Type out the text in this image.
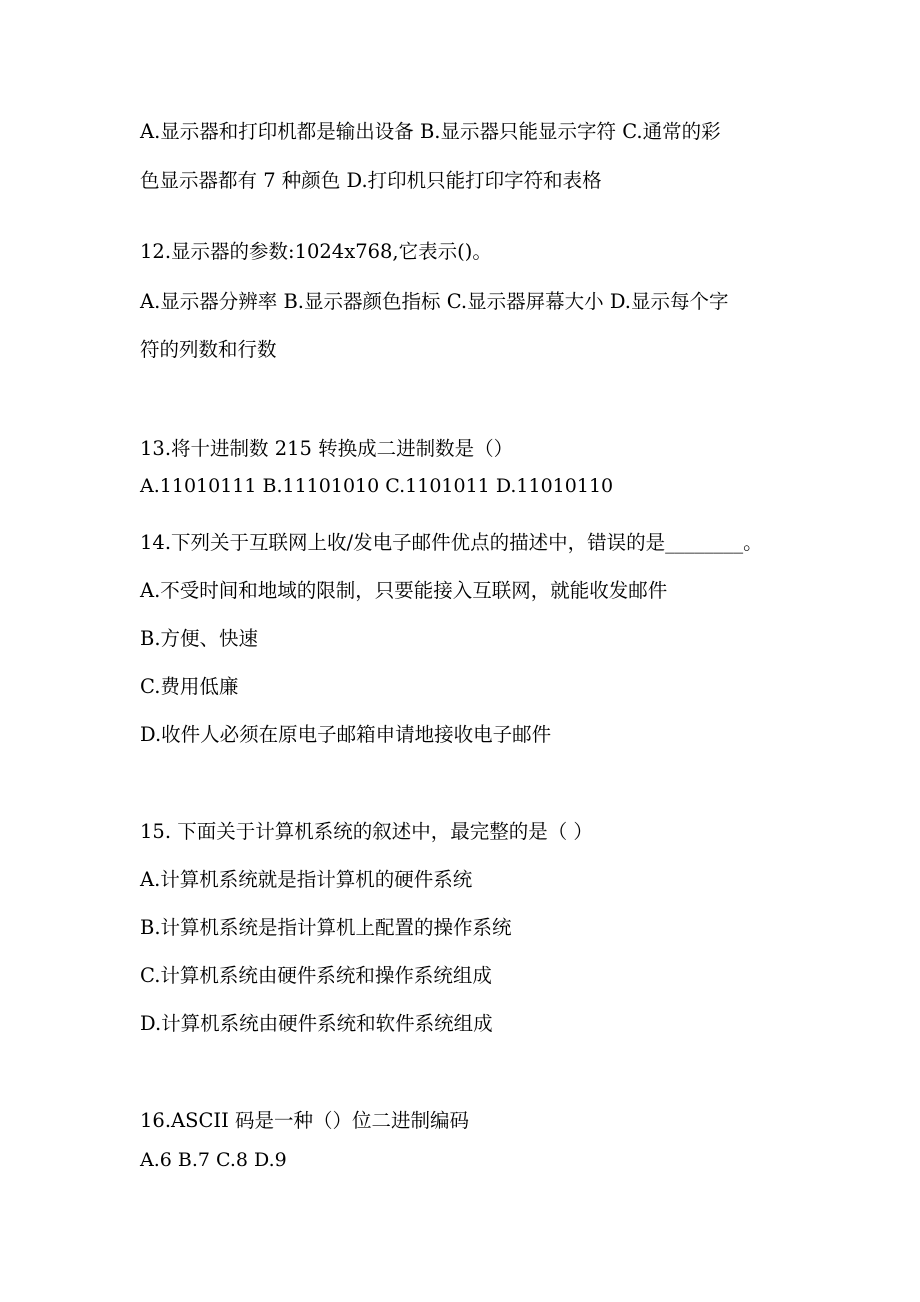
A.显示器和打印机都是输出设备 B.显示器只能显示字符 C.通常的彩
色显示器都有 7 种颜色 D.打印机只能打印字符和表格
12.显示器的参数:1024x768,它表示()。
A.显示器分辨率 B.显示器颜色指标 C.显示器屏幕大小 D.显示每个字
符的列数和行数
13.将十进制数 215 转换成二进制数是（）
A.11010111 B.11101010 C.1101011 D.11010110
14.下列关于互联网上收/发电子邮件优点的描述中，错误的是________。
A.不受时间和地域的限制，只要能接入互联网，就能收发邮件
B.方便、快速
C.费用低廉
D.收件人必须在原电子邮箱申请地接收电子邮件
15. 下面关于计算机系统的叙述中，最完整的是（ ）
A.计算机系统就是指计算机的硬件系统
B.计算机系统是指计算机上配置的操作系统
C.计算机系统由硬件系统和操作系统组成
D.计算机系统由硬件系统和软件系统组成
16.ASCII 码是一种（）位二进制编码
A.6 B.7 C.8 D.9
